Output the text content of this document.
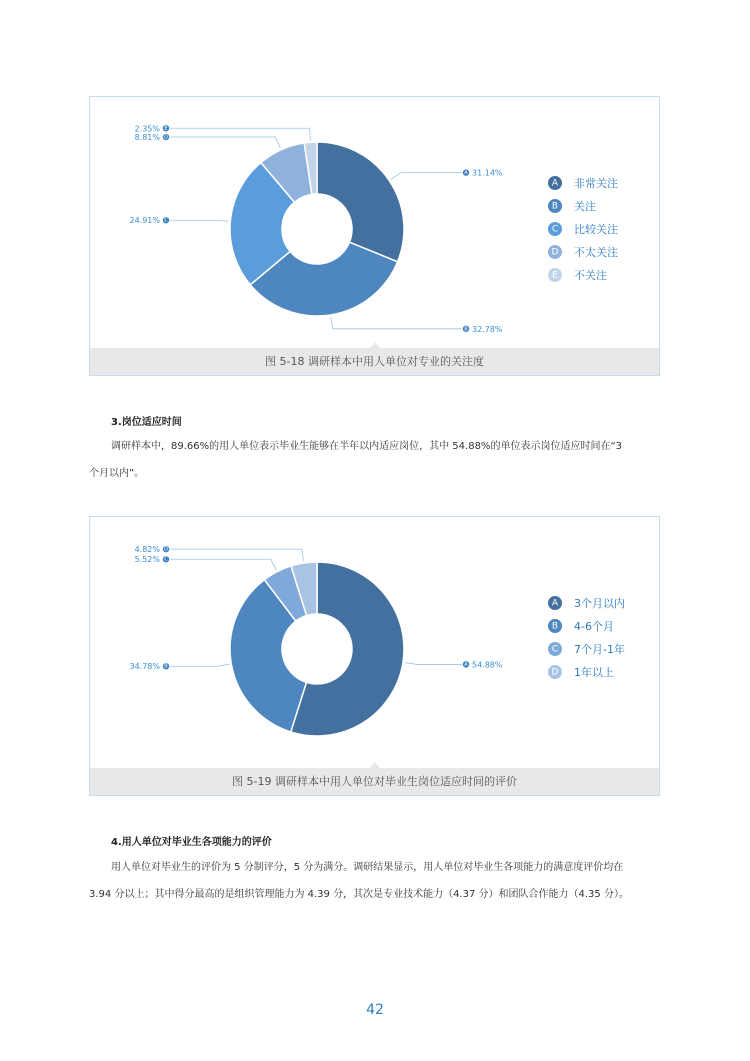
A 31.14%
B 32.78%
C
24.91%
D
8.81%
E
2.35%
A 非常关注
B 关注
C 比较关注
D 不太关注
E 不关注
图 5-18 调研样本中用人单位对专业的关注度
3.岗位适应时间
调研样本中，89.66%的用人单位表示毕业生能够在半年以内适应岗位，其中 54.88%的单位表示岗位适应时间在“3
个月以内”。
A 54.88%
B
34.78%
C
5.52%
D
4.82%
A 3个月以内
B 4-6个月
C 7个月-1年
D 1年以上
图 5-19 调研样本中用人单位对毕业生岗位适应时间的评价
4.用人单位对毕业生各项能力的评价
用人单位对毕业生的评价为 5 分制评分，5 分为满分。调研结果显示，用人单位对毕业生各项能力的满意度评价均在
3.94 分以上；其中得分最高的是组织管理能力为 4.39 分，其次是专业技术能力（4.37 分）和团队合作能力（4.35 分）。
42
